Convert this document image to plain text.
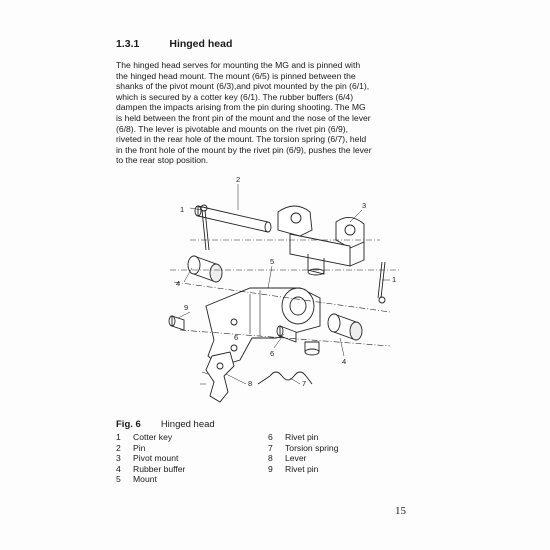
1.3.1	Hinged head

The hinged head serves for mounting the MG and is pinned with
the hinged head mount. The mount (6/5) is pinned between the
shanks of the pivot mount (6/3),and pivot mounted by the pin (6/1),
which is secured by a cotter key (6/1). The rubber buffers (6/4)
dampen the impacts arising from the pin during shooting. The MG
is held between the front pin of the mount and the nose of the lever
(6/8). The lever is pivotable and mounts on the rivet pin (6/9),
riveted in the rear hole of the mount. The torsion spring (6/7), held
in the front hole of the mount by the rivet pin (6/9), pushes the lever
to the rear stop position.

2
1	3
1
4
5
9
6
6
4
8	7
Fig. 6 Hinged head
1	Cotter key
2	Pin
3	Pivot mount
4	Rubber buffer
5	Mount
6	Rivet pin
7	Torsion spring
8	Lever
9	Rivet pin
15
